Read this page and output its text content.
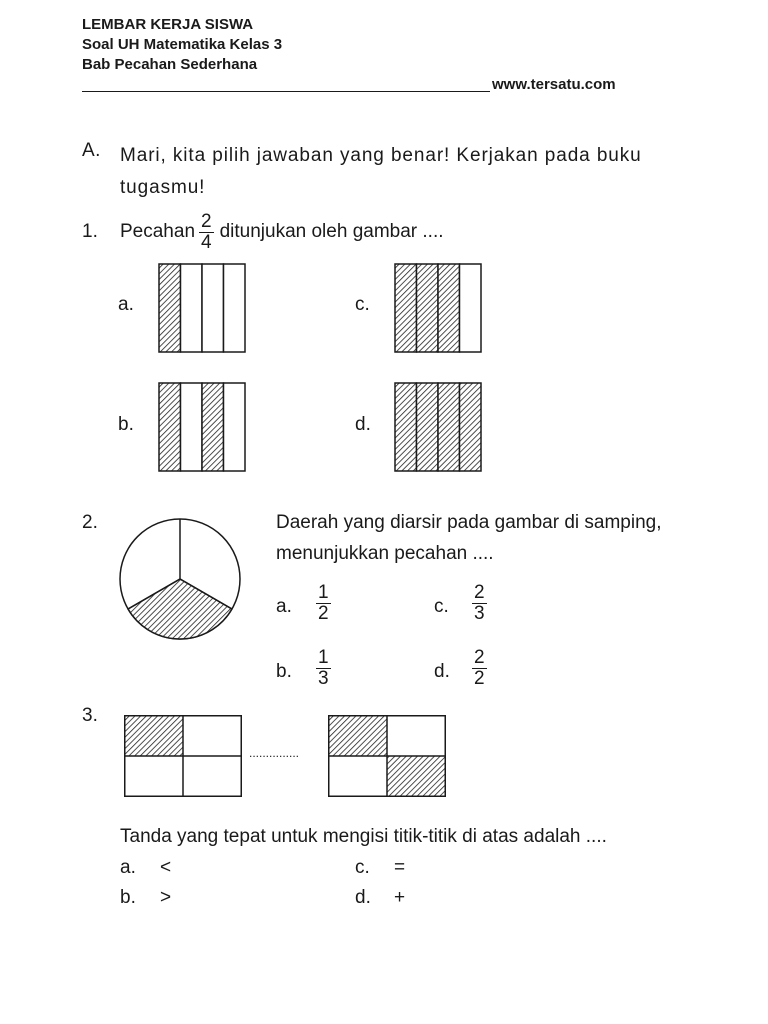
LEMBAR KERJA SISWA
Soal UH Matematika Kelas 3
Bab Pecahan Sederhana
www.tersatu.com
A. Mari, kita pilih jawaban yang benar! Kerjakan pada buku tugasmu!
1. Pecahan $\frac{2}{4}$ ditunjukan oleh gambar ....
a.	c.
b.	d.
2.	Daerah yang diarsir pada gambar di samping,
menunjukkan pecahan ....
a. $\frac{1}{2}$	c. $\frac{2}{3}$
b. $\frac{1}{3}$	d. $\frac{2}{2}$
3.
...............
Tanda yang tepat untuk mengisi titik-titik di atas adalah ....
a. <	c. =
b. >	d. +
